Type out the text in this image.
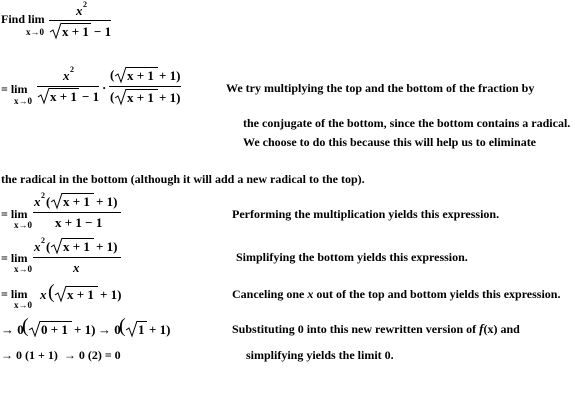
Find lim
x→0
x 2
x + 1 − 1
= lim
x→0
x 2
x + 1 − 1
·
( x + 1 + 1)
( x + 1 + 1)
We try multiplying the top and the bottom of the fraction by
the conjugate of the bottom, since the bottom contains a radical.
We choose to do this because this will help us to eliminate
the radical in the bottom (although it will add a new radical to the top).
= lim
x→0
x 2 ( x + 1 + 1)
x + 1 − 1
Performing the multiplication yields this expression.
= lim
x→0
x 2 ( x + 1 + 1)
x
Simplifying the bottom yields this expression.
= lim
x→0
x ( x + 1 + 1)	Canceling one x out of the top and bottom yields this expression.
→ 0
( 0 + 1 + 1) → 0
( 1 + 1)	Substituting 0 into this new rewritten version of f(x) and
→ 0 (1 + 1)  → 0 (2) = 0	simplifying yields the limit 0.
